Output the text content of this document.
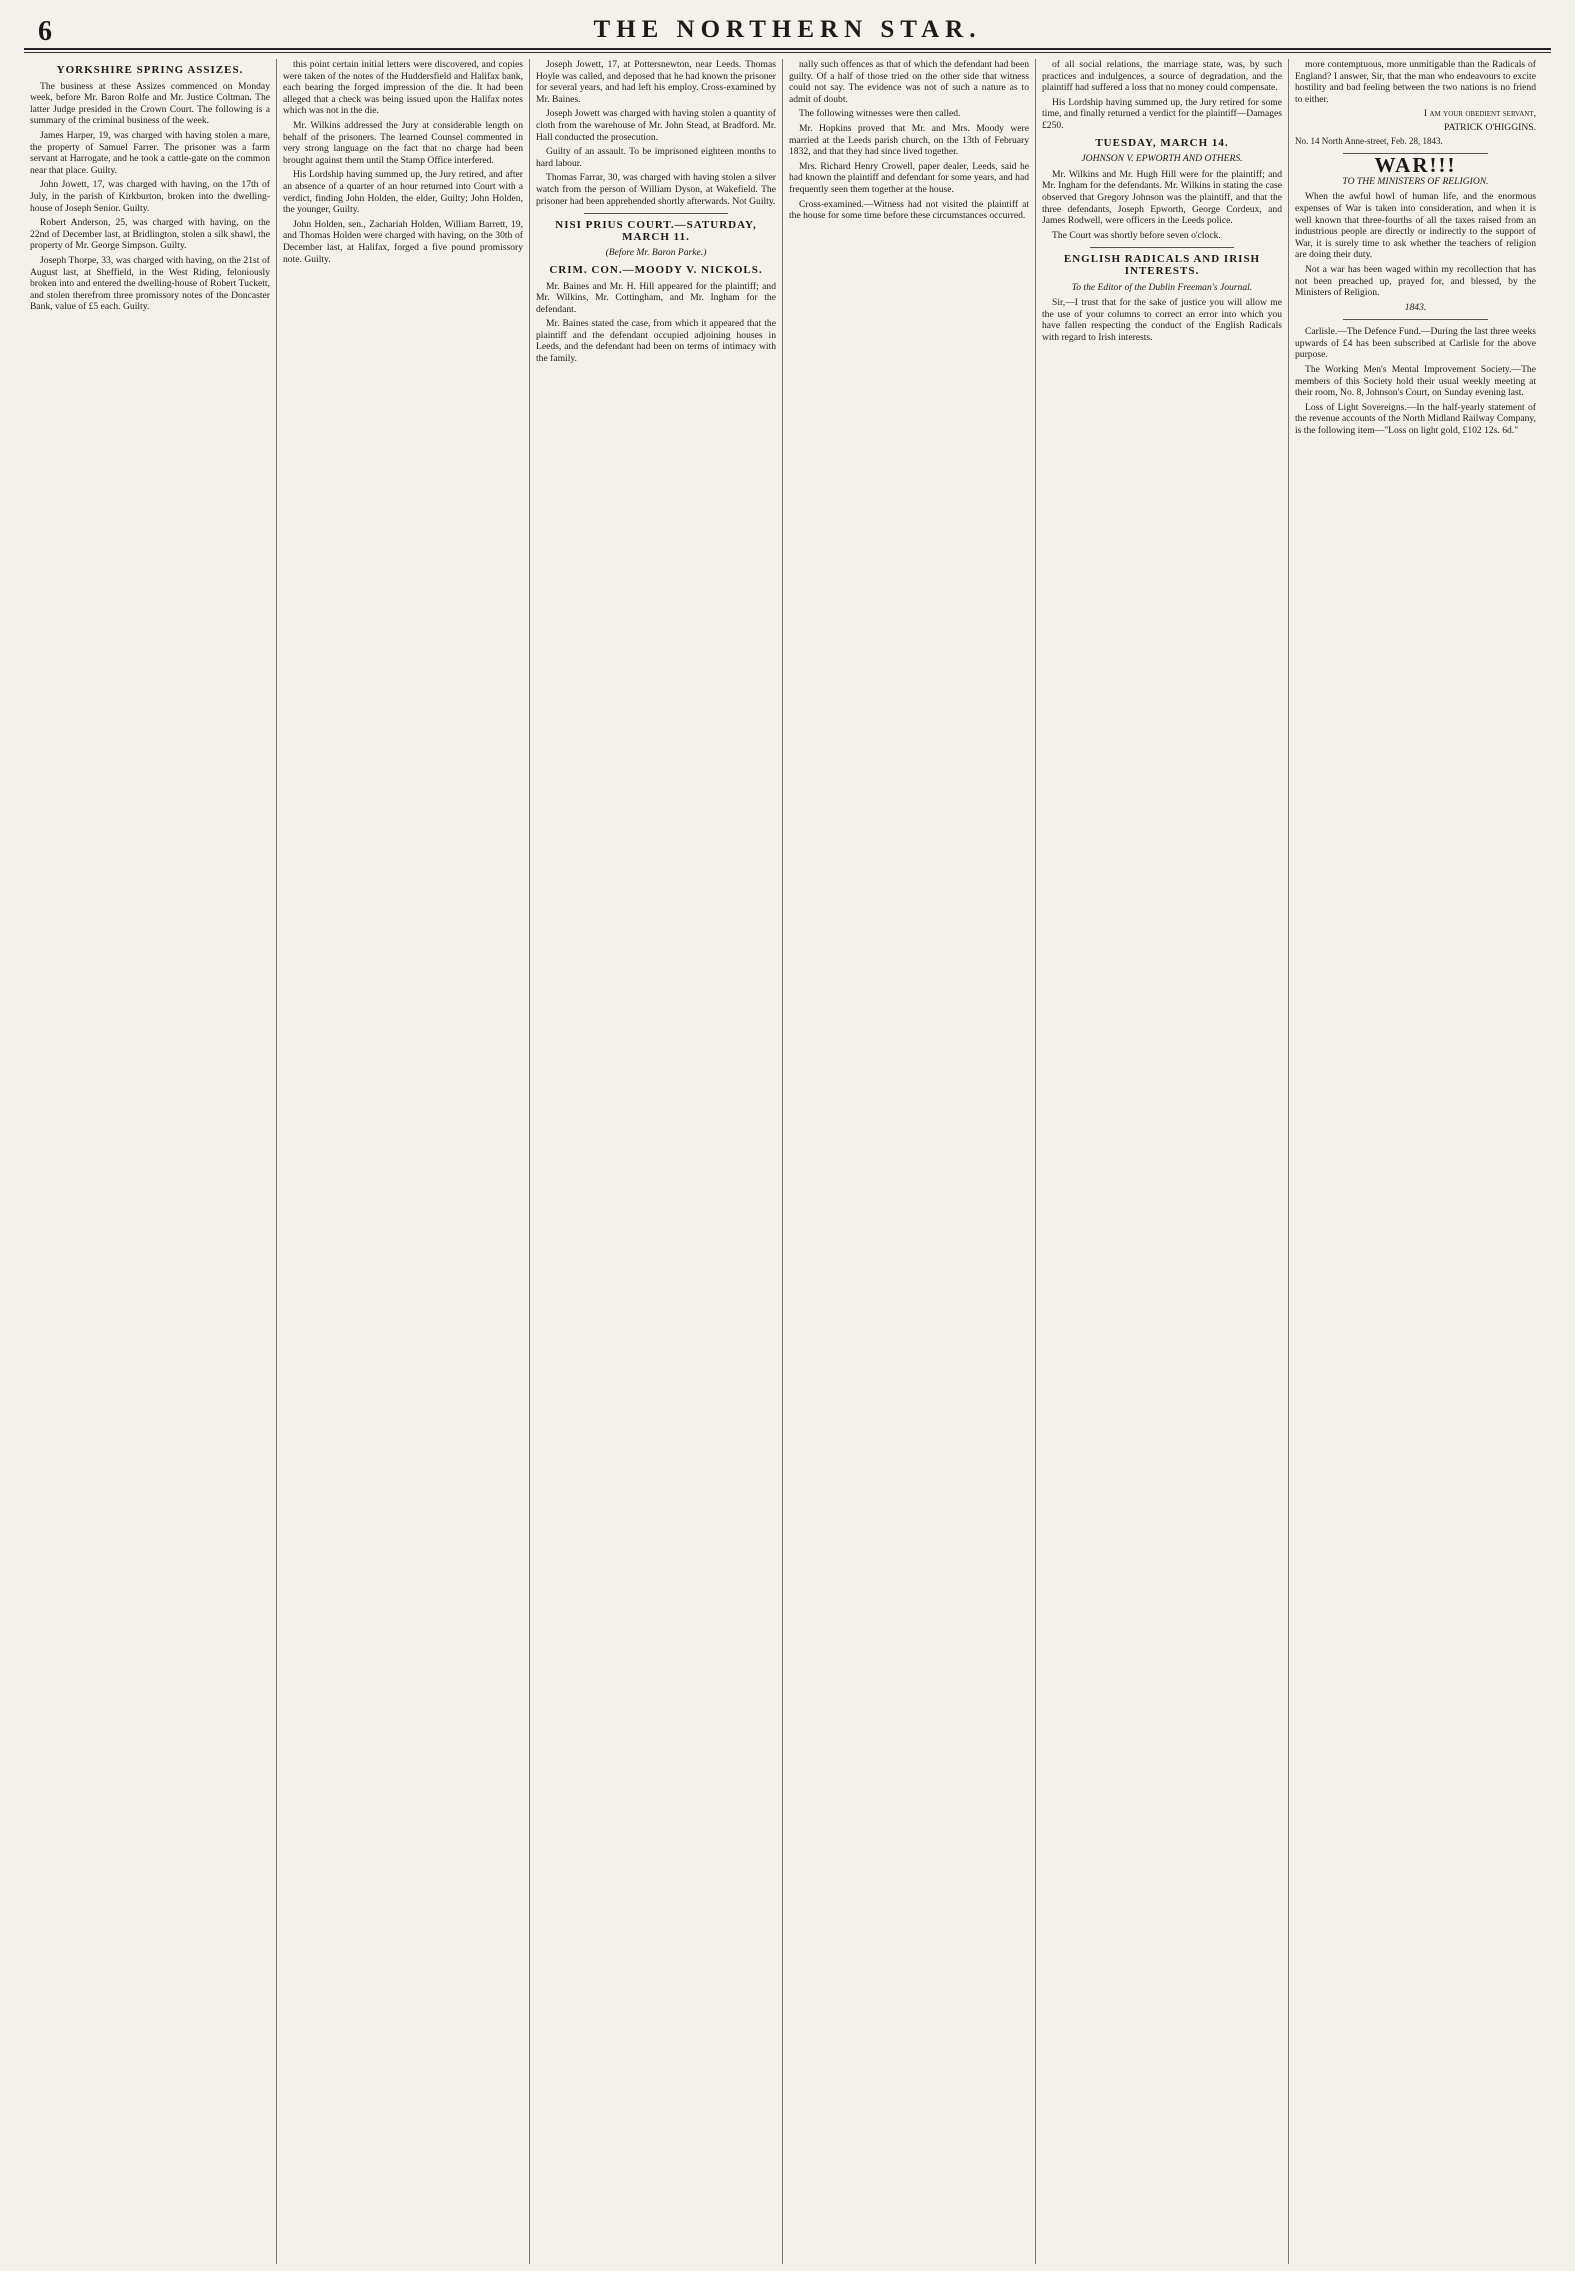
6	THE NORTHERN STAR.
YORKSHIRE SPRING ASSIZES.

The business at these Assizes commenced on Monday week, before Mr. Baron Rolfe and Mr. Justice Coltman. The latter Judge presided in the Crown Court. The following is a summary of the criminal business of the week.

James Harper, 19, was charged with having stolen a mare, the property of Samuel Farrer. The prisoner was a farm servant at Harrogate, and he took a cattle-gate on the common near that place. Guilty.

John Jowett, 17, was charged with having, on the 17th of July, in the parish of Kirkburton, broken into the dwelling-house of Joseph Senior. Guilty.

Robert Anderson, 25, was charged with having, on the 22nd of December last, at Bridlington, stolen a silk shawl, the property of Mr. George Simpson. Guilty.

Joseph Thorpe, 33, was charged with having, on the 21st of August last, at Sheffield, in the West Riding, feloniously broken into and entered the dwelling-house of Robert Tuckett, and stolen therefrom three promissory notes of the Doncaster Bank, value of £5 each. Guilty.

this point certain initial letters were discovered, and copies were taken of the notes of the Huddersfield and Halifax bank, each bearing the forged impression of the die. It had been alleged that a check was being issued upon the Halifax notes which was not in the die.

Mr. Wilkins addressed the Jury at considerable length on behalf of the prisoners. The learned Counsel commented in very strong language on the fact that no charge had been brought against them until the Stamp Office interfered.

His Lordship having summed up, the Jury retired, and after an absence of a quarter of an hour returned into Court with a verdict, finding John Holden, the elder, Guilty; John Holden, the younger, Guilty.

John Holden, sen., Zachariah Holden, William Barrett, 19, and Thomas Holden were charged with having, on the 30th of December last, at Halifax, forged a five pound promissory note. Guilty.

Joseph Jowett, 17, at Pottersnewton, near Leeds. Thomas Hoyle was called, and deposed that he had known the prisoner for several years, and had left his employ. Cross-examined by Mr. Baines.

Joseph Jowett was charged with having stolen a quantity of cloth from the warehouse of Mr. John Stead, at Bradford. Mr. Hall conducted the prosecution.

Guilty of an assault. To be imprisoned eighteen months to hard labour.

Thomas Farrar, 30, was charged with having stolen a silver watch from the person of William Dyson, at Wakefield. The prisoner had been apprehended shortly afterwards. Not Guilty.

NISI PRIUS COURT.—SATURDAY, MARCH 11.
(Before Mr. Baron Parke.)
CRIM. CON.—MOODY V. NICKOLS.

Mr. Baines and Mr. H. Hill appeared for the plaintiff; and Mr. Wilkins, Mr. Cottingham, and Mr. Ingham for the defendant.

Mr. Baines stated the case, from which it appeared that the plaintiff and the defendant occupied adjoining houses in Leeds, and the defendant had been on terms of intimacy with the family.

nally such offences as that of which the defendant had been guilty. Of a half of those tried on the other side that witness could not say. The evidence was not of such a nature as to admit of doubt.

The following witnesses were then called.

Mr. Hopkins proved that Mr. and Mrs. Moody were married at the Leeds parish church, on the 13th of February 1832, and that they had since lived together.

Mrs. Richard Henry Crowell, paper dealer, Leeds, said he had known the plaintiff and defendant for some years, and had frequently seen them together at the house.

Cross-examined.—Witness had not visited the plaintiff at the house for some time before these circumstances occurred.

of all social relations, the marriage state, was, by such practices and indulgences, a source of degradation, and the plaintiff had suffered a loss that no money could compensate.

His Lordship having summed up, the Jury retired for some time, and finally returned a verdict for the plaintiff—Damages £250.

TUESDAY, MARCH 14.
JOHNSON V. EPWORTH AND OTHERS.

Mr. Wilkins and Mr. Hugh Hill were for the plaintiff; and Mr. Ingham for the defendants. Mr. Wilkins in stating the case observed that Gregory Johnson was the plaintiff, and that the three defendants, Joseph Epworth, George Cordeux, and James Rodwell, were officers in the Leeds police.

The Court was shortly before seven o'clock.

ENGLISH RADICALS AND IRISH INTERESTS.
To the Editor of the Dublin Freeman's Journal.

Sir,—I trust that for the sake of justice you will allow me the use of your columns to correct an error into which you have fallen respecting the conduct of the English Radicals with regard to Irish interests.

more contemptuous, more unmitigable than the Radicals of England? I answer, Sir, that the man who endeavours to excite hostility and bad feeling between the two nations is no friend to either.

I am your obedient servant,
PATRICK O'HIGGINS.
No. 14 North Anne-street, Feb. 28, 1843.
WAR!!!
TO THE MINISTERS OF RELIGION.

When the awful howl of human life, and the enormous expenses of War is taken into consideration, and when it is well known that three-fourths of all the taxes raised from an industrious people are directly or indirectly to the support of War, it is surely time to ask whether the teachers of religion are doing their duty.

Not a war has been waged within my recollection that has not been preached up, prayed for, and blessed, by the Ministers of Religion.

1843.

Carlisle.—The Defence Fund.—During the last three weeks upwards of £4 has been subscribed at Carlisle for the above purpose.

The Working Men's Mental Improvement Society.—The members of this Society hold their usual weekly meeting at their room, No. 8, Johnson's Court, on Sunday evening last.

Loss of Light Sovereigns.—In the half-yearly statement of the revenue accounts of the North Midland Railway Company, is the following item—"Loss on light gold, £102 12s. 6d."
